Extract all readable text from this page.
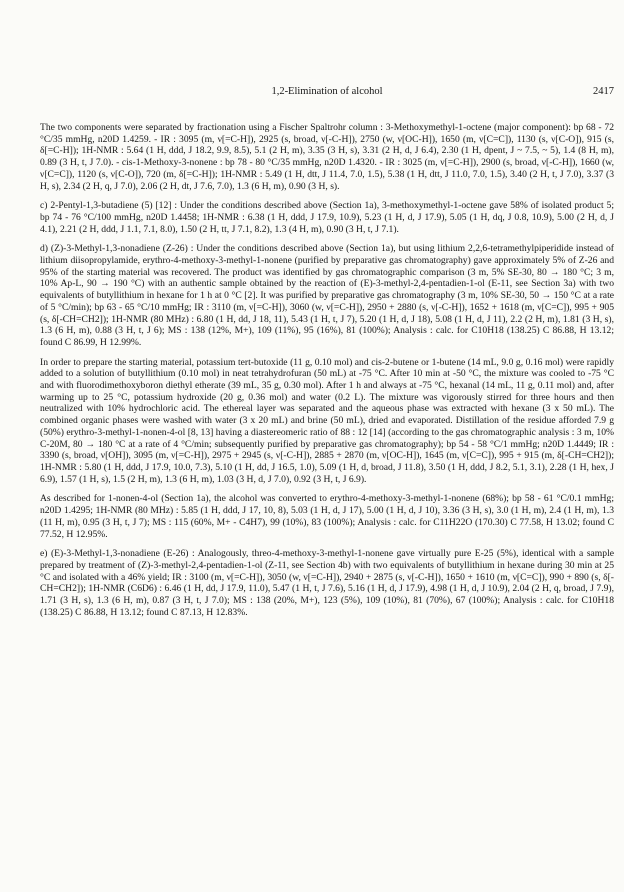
1,2-Elimination of alcohol	2417

The two components were separated by fractionation using a Fischer Spaltrohr column : 3-Methoxymethyl-1-octene (major component): bp 68 - 72 °C/35 mmHg, n20D 1.4259. - IR : 3095 (m, ν[=C-H]), 2925 (s, broad, ν[-C-H]), 2750 (w, ν[OC-H]), 1650 (m, ν[C=C]), 1130 (s, ν[C-O]), 915 (s, δ[=C-H]); 1H-NMR : 5.64 (1 H, ddd, J 18.2, 9.9, 8.5), 5.1 (2 H, m), 3.35 (3 H, s), 3.31 (2 H, d, J 6.4), 2.30 (1 H, dpent, J ~ 7.5, ~ 5), 1.4 (8 H, m), 0.89 (3 H, t, J 7.0). - cis-1-Methoxy-3-nonene : bp 78 - 80 °C/35 mmHg, n20D 1.4320. - IR : 3025 (m, ν[=C-H]), 2900 (s, broad, ν[-C-H]), 1660 (w, ν[C=C]), 1120 (s, ν[C-O]), 720 (m, δ[=C-H]); 1H-NMR : 5.49 (1 H, dtt, J 11.4, 7.0, 1.5), 5.38 (1 H, dtt, J 11.0, 7.0, 1.5), 3.40 (2 H, t, J 7.0), 3.37 (3 H, s), 2.34 (2 H, q, J 7.0), 2.06 (2 H, dt, J 7.6, 7.0), 1.3 (6 H, m), 0.90 (3 H, s).

c) 2-Pentyl-1,3-butadiene (5) [12] : Under the conditions described above (Section 1a), 3-methoxymethyl-1-octene gave 58% of isolated product 5; bp 74 - 76 °C/100 mmHg, n20D 1.4458; 1H-NMR : 6.38 (1 H, ddd, J 17.9, 10.9), 5.23 (1 H, d, J 17.9), 5.05 (1 H, dq, J 0.8, 10.9), 5.00 (2 H, d, J 4.1), 2.21 (2 H, ddd, J 1.1, 7.1, 8.0), 1.50 (2 H, tt, J 7.1, 8.2), 1.3 (4 H, m), 0.90 (3 H, t, J 7.1).

d) (Z)-3-Methyl-1,3-nonadiene (Z-26) : Under the conditions described above (Section 1a), but using lithium 2,2,6-tetramethylpiperidide instead of lithium diisopropylamide, erythro-4-methoxy-3-methyl-1-nonene (purified by preparative gas chromatography) gave approximately 5% of Z-26 and 95% of the starting material was recovered. The product was identified by gas chromatographic comparison (3 m, 5% SE-30, 80 → 180 °C; 3 m, 10% Ap-L, 90 → 190 °C) with an authentic sample obtained by the reaction of (E)-3-methyl-2,4-pentadien-1-ol (E-11, see Section 3a) with two equivalents of butyllithium in hexane for 1 h at 0 °C [2]. It was purified by preparative gas chromatography (3 m, 10% SE-30, 50 → 150 °C at a rate of 5 °C/min); bp 63 - 65 °C/10 mmHg; IR : 3110 (m, ν[=C-H]), 3060 (w, ν[=C-H]), 2950 + 2880 (s, ν[-C-H]), 1652 + 1618 (m, ν[C=C]), 995 + 905 (s, δ[-CH=CH2]); 1H-NMR (80 MHz) : 6.80 (1 H, dd, J 18, 11), 5.43 (1 H, t, J 7), 5.20 (1 H, d, J 18), 5.08 (1 H, d, J 11), 2.2 (2 H, m), 1.81 (3 H, s), 1.3 (6 H, m), 0.88 (3 H, t, J 6); MS : 138 (12%, M+), 109 (11%), 95 (16%), 81 (100%); Analysis : calc. for C10H18 (138.25) C 86.88, H 13.12; found C 86.99, H 12.99%.

In order to prepare the starting material, potassium tert-butoxide (11 g, 0.10 mol) and cis-2-butene or 1-butene (14 mL, 9.0 g, 0.16 mol) were rapidly added to a solution of butyllithium (0.10 mol) in neat tetrahydrofuran (50 mL) at -75 °C. After 10 min at -50 °C, the mixture was cooled to -75 °C and with fluorodimethoxyboron diethyl etherate (39 mL, 35 g, 0.30 mol). After 1 h and always at -75 °C, hexanal (14 mL, 11 g, 0.11 mol) and, after warming up to 25 °C, potassium hydroxide (20 g, 0.36 mol) and water (0.2 L). The mixture was vigorously stirred for three hours and then neutralized with 10% hydrochloric acid. The ethereal layer was separated and the aqueous phase was extracted with hexane (3 x 50 mL). The combined organic phases were washed with water (3 x 20 mL) and brine (50 mL), dried and evaporated. Distillation of the residue afforded 7.9 g (50%) erythro-3-methyl-1-nonen-4-ol [8, 13] having a diastereomeric ratio of 88 : 12 [14] (according to the gas chromatographic analysis : 3 m, 10% C-20M, 80 → 180 °C at a rate of 4 °C/min; subsequently purified by preparative gas chromatography); bp 54 - 58 °C/1 mmHg; n20D 1.4449; IR : 3390 (s, broad, ν[OH]), 3095 (m, ν[=C-H]), 2975 + 2945 (s, ν[-C-H]), 2885 + 2870 (m, ν[OC-H]), 1645 (m, ν[C=C]), 995 + 915 (m, δ[-CH=CH2]); 1H-NMR : 5.80 (1 H, ddd, J 17.9, 10.0, 7.3), 5.10 (1 H, dd, J 16.5, 1.0), 5.09 (1 H, d, broad, J 11.8), 3.50 (1 H, ddd, J 8.2, 5.1, 3.1), 2.28 (1 H, hex, J 6.9), 1.57 (1 H, s), 1.5 (2 H, m), 1.3 (6 H, m), 1.03 (3 H, d, J 7.0), 0.92 (3 H, t, J 6.9).

As described for 1-nonen-4-ol (Section 1a), the alcohol was converted to erythro-4-methoxy-3-methyl-1-nonene (68%); bp 58 - 61 °C/0.1 mmHg; n20D 1.4295; 1H-NMR (80 MHz) : 5.85 (1 H, ddd, J 17, 10, 8), 5.03 (1 H, d, J 17), 5.00 (1 H, d, J 10), 3.36 (3 H, s), 3.0 (1 H, m), 2.4 (1 H, m), 1.3 (11 H, m), 0.95 (3 H, t, J 7); MS : 115 (60%, M+ - C4H7), 99 (10%), 83 (100%); Analysis : calc. for C11H22O (170.30) C 77.58, H 13.02; found C 77.52, H 12.95%.

e) (E)-3-Methyl-1,3-nonadiene (E-26) : Analogously, threo-4-methoxy-3-methyl-1-nonene gave virtually pure E-25 (5%), identical with a sample prepared by treatment of (Z)-3-methyl-2,4-pentadien-1-ol (Z-11, see Section 4b) with two equivalents of butyllithium in hexane during 30 min at 25 °C and isolated with a 46% yield; IR : 3100 (m, ν[=C-H]), 3050 (w, ν[=C-H]), 2940 + 2875 (s, ν[-C-H]), 1650 + 1610 (m, ν[C=C]), 990 + 890 (s, δ[-CH=CH2]); 1H-NMR (C6D6) : 6.46 (1 H, dd, J 17.9, 11.0), 5.47 (1 H, t, J 7.6), 5.16 (1 H, d, J 17.9), 4.98 (1 H, d, J 10.9), 2.04 (2 H, q, broad, J 7.9), 1.71 (3 H, s), 1.3 (6 H, m), 0.87 (3 H, t, J 7.0); MS : 138 (20%, M+), 123 (5%), 109 (10%), 81 (70%), 67 (100%); Analysis : calc. for C10H18 (138.25) C 86.88, H 13.12; found C 87.13, H 12.83%.
